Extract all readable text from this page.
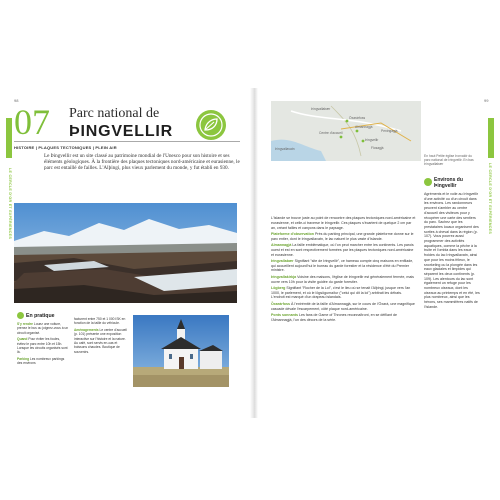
98
07 Parc national de
ÞINGVELLIR
HISTOIRE | PLAQUES TECTONIQUES | PLEIN AIR
Le Þingvellir est un site classé au patrimoine mondial de l'Unesco pour son histoire et ses éléments géologiques. À la frontière des plaques tectoniques nord-américaine et eurasienne, le parc est entaillé de failles. L'Alþingi, plus vieux parlement du monde, y fut établi en 930.
En pratique
S'y rendre Louez une voiture, prenez le bus ou joignez-vous à un circuit organisé.
Quand Pour éviter les foules, évitez le parc entre 10h et 15h. Lorsque les circuits organisés sont là.
Parking Les nombreux parkings des environs
facturent entre 750 et 1 000 ISK en fonction de la taille du véhicule.
Aménagements Le centre d'accueil (p. 101) présente une exposition interactive sur l'histoire et la nature. Au café, sont servis en-cas et boissons chaudes. Boutique de souvenirs.
99
LE CERCLE D'OR ET EXPÉRIENCES
LE CERCLE D'OR ET EXPÉRIENCES
Þingvallavatn
Öxarárfoss
Almannagjá
Þingvellir
Centre d'accueil
Flosagjá
Peningagjá
Þingvallabær
En haut Petite église Þorvaldr du parc national de Þingvellir. En bas Þingvallabær
L'Islande se trouve juste au point de rencontre des plaques tectoniques nord-américaine et eurasienne, et celle-ci traverse le Þingvellir. Ces plaques s'écartent de quelque 2 cm par an, créant failles et canyons dans le paysage.
Plateforme d'observation Près du parking principal, une grande plateforme donne sur le parc entier, dont le Þingvallavatn, le lac naturel le plus vaste d'Islande.
Almannagjá La faille emblématique, où l'on peut marcher entre les continents. Les parois ouest et est en sont respectivement formées par les plaques tectoniques nord-américaine et eurasienne.
Þingvallabær Signifiant "site de Þingvellir", ce hameau compte cinq maisons en enfilade, qui accueillent aujourd'hui le bureau du garde forestier et la résidence d'été du Premier ministre.
Þingvallakirkja Voisine des maisons, l'église de Þingvellir est généralement fermée, mais ouvre vers 10h pour la visite guidée du garde forestier.
Lögberg Signifiant "Rocher de la Loi", c'est le lieu où se tenait l'Alþingi, jusque vers l'an 1000, le parlement, et où le lögsögumaður ("celui qui dit la loi") arbitrait les débats. L'endroit est marqué d'un drapeau islandais.
Öxarárfoss À l'extrémité de la faille d'Almannagjá, sur le cours de l'Öxará, une magnifique cascade dévale l'escarpement, côté plaque nord-américaine.
Ponts sonnants Les fans de Game of Thrones reconnaîtront, en se défilant de l'Almannagjá, l'un des décors de la série.
Environs du Þingvellir
Agréments et le voile au Þingvellir d'une activité ou d'un circuit dans les environs. Les randonneurs peuvent s'ambler au centre d'accueil des visiteurs pour y récupérer une carte des sentiers du parc. Sachez que les prestataires locaux organisent des sorties à cheval dans la région (p. 107). Vous pourrez aussi programmer des activités aquatiques, comme la pêche à la truite et l'ombla dans les eaux froides du lac Þingvallavatn, ainsi que pour les moins frileux, le snorkeling ou la plongée dans les eaux glaciales et limpides qui séparent les deux continents (p. 109). Les alentours du lac sont également un refuge pour les nombreux oiseaux, dont les oiseaux au printemps et en été, les plus nombreux, ainsi que les hérons, ses mammifères natifs de l'Islande.
